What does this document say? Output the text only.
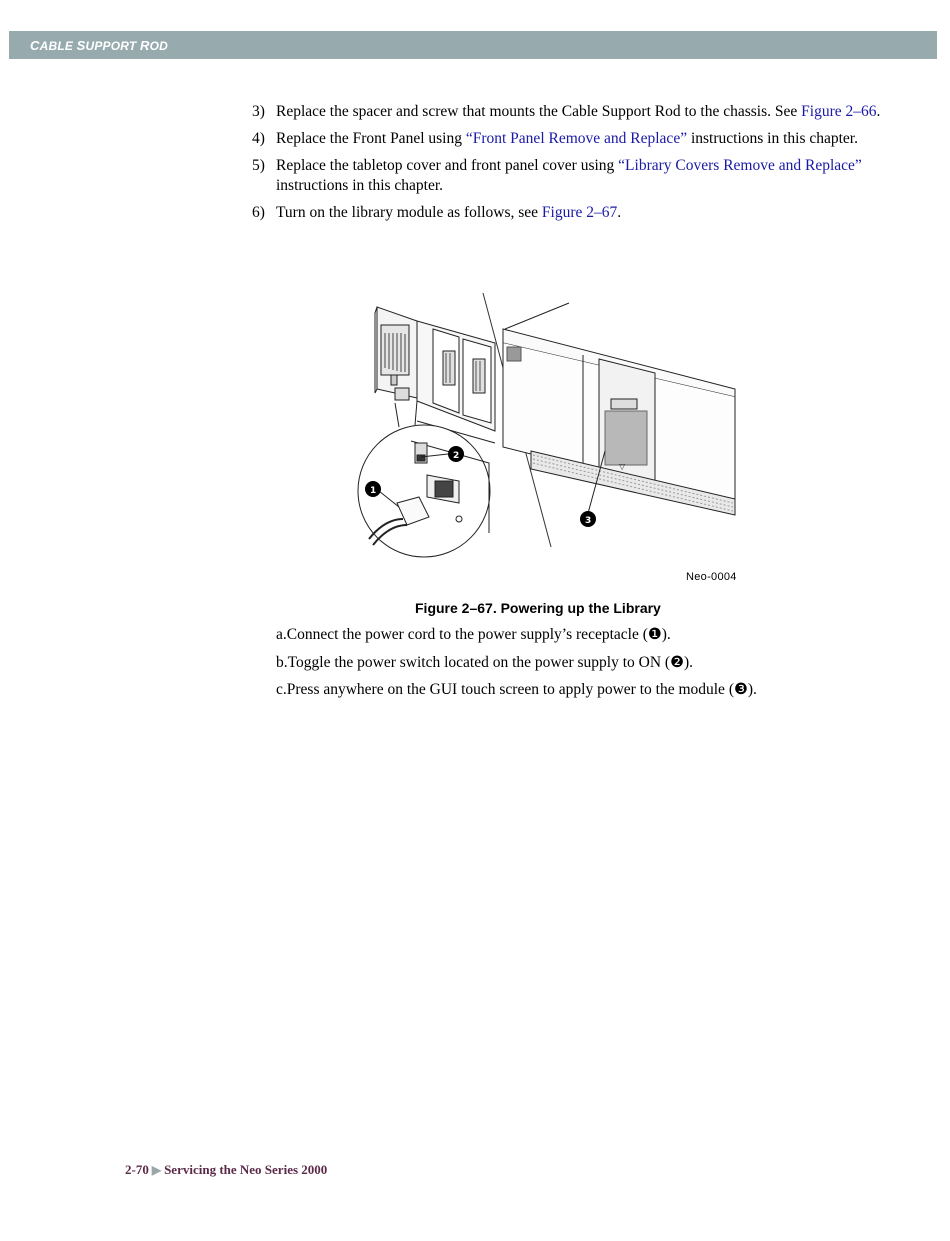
CABLE SUPPORT ROD
3) Replace the spacer and screw that mounts the Cable Support Rod to the chassis. See Figure 2–66.
4) Replace the Front Panel using “Front Panel Remove and Replace” instructions in this chapter.
5) Replace the tabletop cover and front panel cover using “Library Covers Remove and Replace” instructions in this chapter.
6) Turn on the library module as follows, see Figure 2–67.
▽
1
2
3
Neo-0004
Figure 2–67. Powering up the Library
a.Connect the power cord to the power supply’s receptacle (❶).
b.Toggle the power switch located on the power supply to ON (❷).
c.Press anywhere on the GUI touch screen to apply power to the module (❸).
2-70 ▶ Servicing the Neo Series 2000
